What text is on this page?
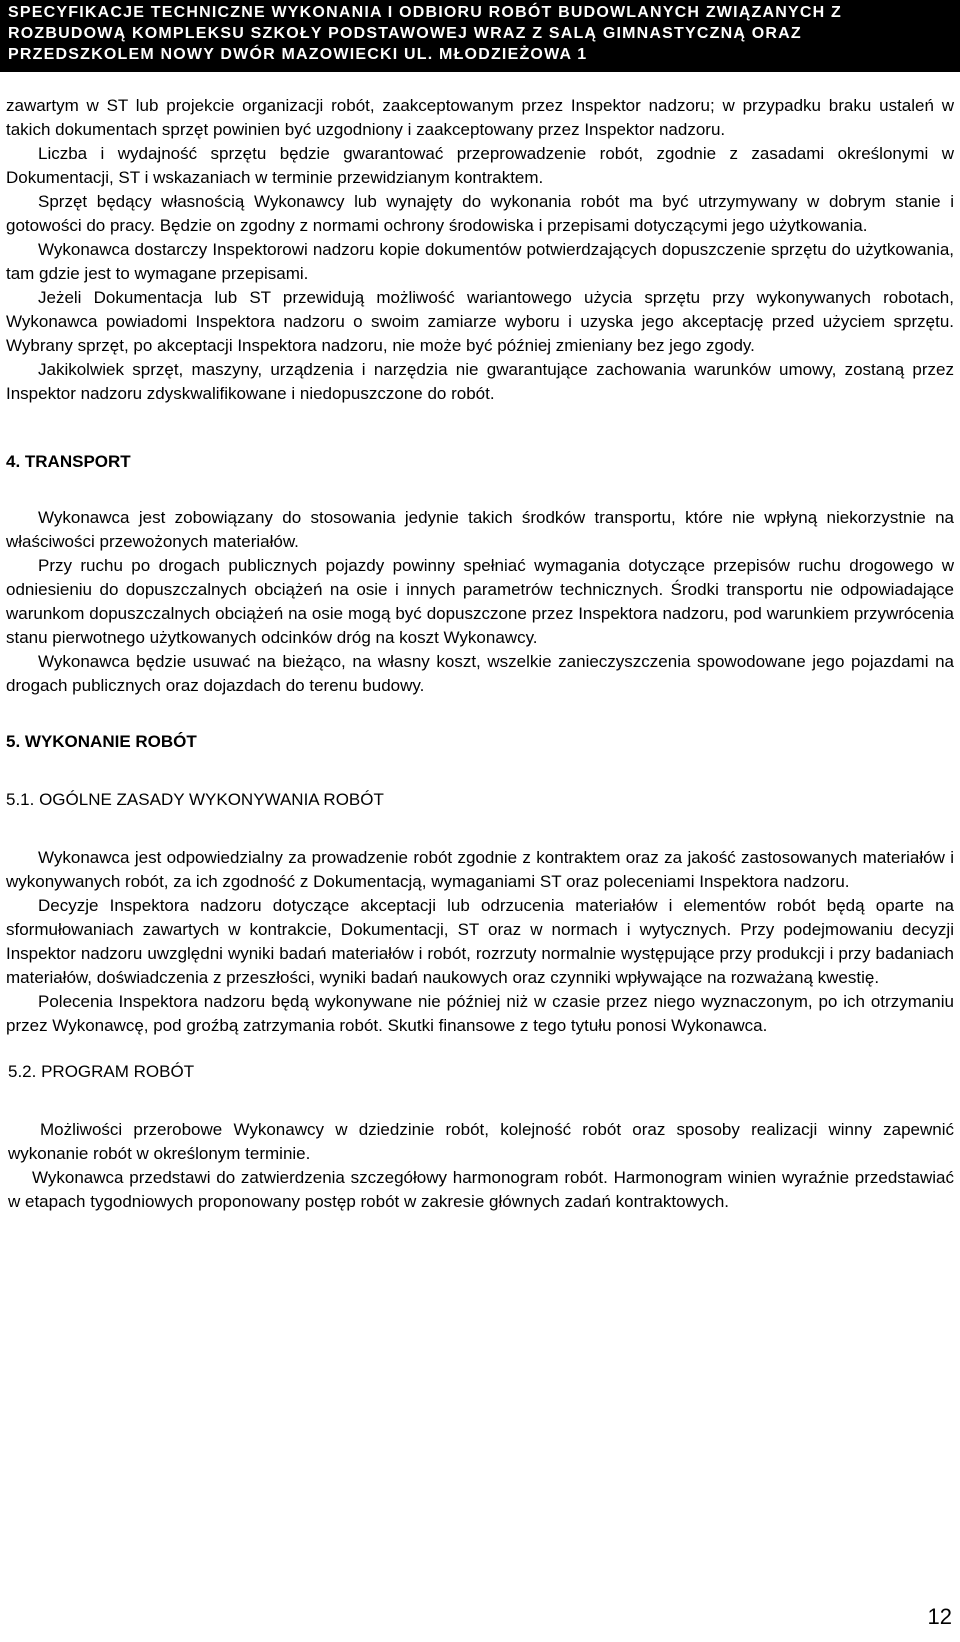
SPECYFIKACJE TECHNICZNE WYKONANIA I ODBIORU ROBÓT BUDOWLANYCH ZWIĄZANYCH Z
ROZBUDOWĄ KOMPLEKSU SZKOŁY PODSTAWOWEJ WRAZ Z SALĄ GIMNASTYCZNĄ ORAZ
PRZEDSZKOLEM NOWY DWÓR MAZOWIECKI UL. MŁODZIEŻOWA 1

zawartym w ST lub projekcie organizacji robót, zaakceptowanym przez Inspektor nadzoru; w przypadku braku ustaleń w takich dokumentach sprzęt powinien być uzgodniony i zaakceptowany przez Inspektor nadzoru.

Liczba i wydajność sprzętu będzie gwarantować przeprowadzenie robót, zgodnie z zasadami określonymi w Dokumentacji, ST i wskazaniach w terminie przewidzianym kontraktem.

Sprzęt będący własnością Wykonawcy lub wynajęty do wykonania robót ma być utrzymywany w dobrym stanie i gotowości do pracy. Będzie on zgodny z normami ochrony środowiska i przepisami dotyczącymi jego użytkowania.

Wykonawca dostarczy Inspektorowi nadzoru kopie dokumentów potwierdzających dopuszczenie sprzętu do użytkowania, tam gdzie jest to wymagane przepisami.

Jeżeli Dokumentacja lub ST przewidują możliwość wariantowego użycia sprzętu przy wykonywanych robotach, Wykonawca powiadomi Inspektora nadzoru o swoim zamiarze wyboru i uzyska jego akceptację przed użyciem sprzętu. Wybrany sprzęt, po akceptacji Inspektora nadzoru, nie może być później zmieniany bez jego zgody.

Jakikolwiek sprzęt, maszyny, urządzenia i narzędzia nie gwarantujące zachowania warunków umowy, zostaną przez Inspektor nadzoru zdyskwalifikowane i niedopuszczone do robót.

4. TRANSPORT

Wykonawca jest zobowiązany do stosowania jedynie takich środków transportu, które nie wpłyną niekorzystnie na właściwości przewożonych materiałów.

Przy ruchu po drogach publicznych pojazdy powinny spełniać wymagania dotyczące przepisów ruchu drogowego w odniesieniu do dopuszczalnych obciążeń na osie i innych parametrów technicznych. Środki transportu nie odpowiadające warunkom dopuszczalnych obciążeń na osie mogą być dopuszczone przez Inspektora nadzoru, pod warunkiem przywrócenia stanu pierwotnego użytkowanych odcinków dróg na koszt Wykonawcy.

Wykonawca będzie usuwać na bieżąco, na własny koszt, wszelkie zanieczyszczenia spowodowane jego pojazdami na drogach publicznych oraz dojazdach do terenu budowy.

5. WYKONANIE ROBÓT
5.1. OGÓLNE ZASADY WYKONYWANIA ROBÓT

Wykonawca jest odpowiedzialny za prowadzenie robót zgodnie z kontraktem oraz za jakość zastosowanych materiałów i wykonywanych robót, za ich zgodność z Dokumentacją, wymaganiami ST oraz poleceniami Inspektora nadzoru.

Decyzje Inspektora nadzoru dotyczące akceptacji lub odrzucenia materiałów i elementów robót będą oparte na sformułowaniach zawartych w kontrakcie, Dokumentacji, ST oraz w normach i wytycznych. Przy podejmowaniu decyzji Inspektor nadzoru uwzględni wyniki badań materiałów i robót, rozrzuty normalnie występujące przy produkcji i przy badaniach materiałów, doświadczenia z przeszłości, wyniki badań naukowych oraz czynniki wpływające na rozważaną kwestię.

Polecenia Inspektora nadzoru będą wykonywane nie później niż w czasie przez niego wyznaczonym, po ich otrzymaniu przez Wykonawcę, pod groźbą zatrzymania robót. Skutki finansowe z tego tytułu ponosi Wykonawca.

5.2. PROGRAM ROBÓT

Możliwości przerobowe Wykonawcy w dziedzinie robót, kolejność robót oraz sposoby realizacji winny zapewnić wykonanie robót w określonym terminie.

Wykonawca przedstawi do zatwierdzenia szczegółowy harmonogram robót. Harmonogram winien wyraźnie przedstawiać w etapach tygodniowych proponowany postęp robót w zakresie głównych zadań kontraktowych.

12
